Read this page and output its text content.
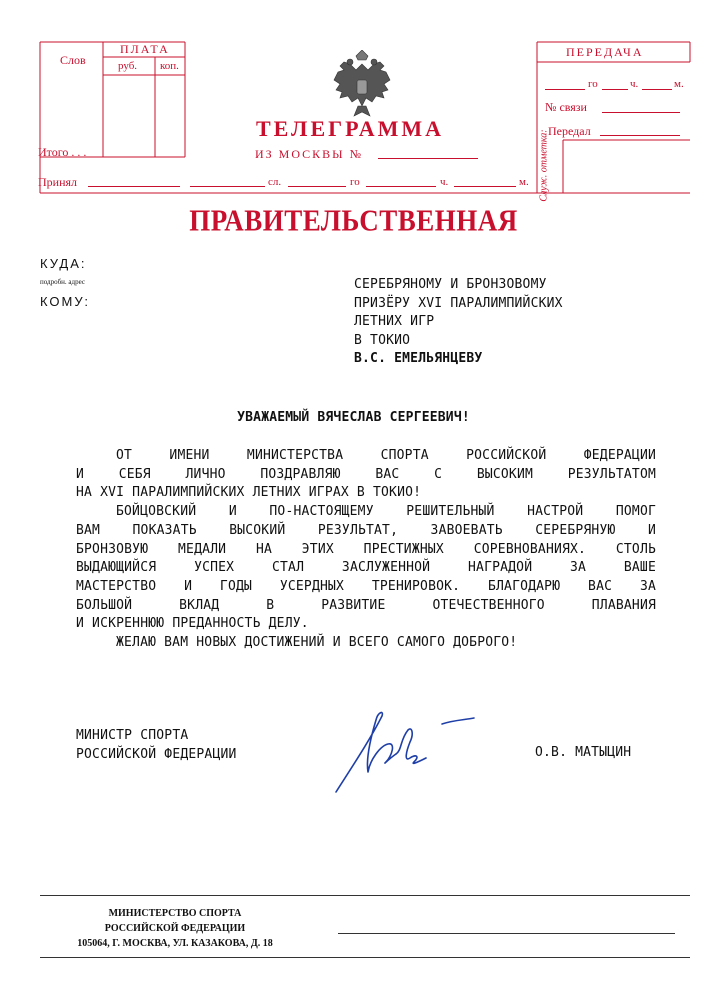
Слов
ПЛАТА
руб. коп.
Итого . . .
Принял
ТЕЛЕГРАММА
ИЗ МОСКВЫ №
сл.	го	ч.	м.
ПЕРЕДАЧА
го	ч.	м.
№ связи
Передал
Служ. отметка:
ПРАВИТЕЛЬСТВЕННАЯ
КУДА:
подробн. адрес
КОМУ:
СЕРЕБРЯНОМУ И БРОНЗОВОМУ
ПРИЗЁРУ XVI ПАРАЛИМПИЙСКИХ
ЛЕТНИХ ИГР
В ТОКИО
В.С. ЕМЕЛЬЯНЦЕВУ
УВАЖАЕМЫЙ ВЯЧЕСЛАВ СЕРГЕЕВИЧ!
ОТ ИМЕНИ МИНИСТЕРСТВА СПОРТА РОССИЙСКОЙ ФЕДЕРАЦИИ
И СЕБЯ ЛИЧНО ПОЗДРАВЛЯЮ ВАС С ВЫСОКИМ РЕЗУЛЬТАТОМ
НА XVI ПАРАЛИМПИЙСКИХ ЛЕТНИХ ИГРАХ В ТОКИО!
БОЙЦОВСКИЙ И ПО-НАСТОЯЩЕМУ РЕШИТЕЛЬНЫЙ НАСТРОЙ ПОМОГ
ВАМ ПОКАЗАТЬ ВЫСОКИЙ РЕЗУЛЬТАТ, ЗАВОЕВАТЬ СЕРЕБРЯНУЮ И
БРОНЗОВУЮ МЕДАЛИ НА ЭТИХ ПРЕСТИЖНЫХ СОРЕВНОВАНИЯХ. СТОЛЬ
ВЫДАЮЩИЙСЯ УСПЕХ СТАЛ ЗАСЛУЖЕННОЙ НАГРАДОЙ ЗА ВАШЕ
МАСТЕРСТВО И ГОДЫ УСЕРДНЫХ ТРЕНИРОВОК. БЛАГОДАРЮ ВАС ЗА
БОЛЬШОЙ ВКЛАД В РАЗВИТИЕ ОТЕЧЕСТВЕННОГО ПЛАВАНИЯ
И ИСКРЕННЮЮ ПРЕДАННОСТЬ ДЕЛУ.
ЖЕЛАЮ ВАМ НОВЫХ ДОСТИЖЕНИЙ И ВСЕГО САМОГО ДОБРОГО!
МИНИСТР СПОРТА
РОССИЙСКОЙ ФЕДЕРАЦИИ	О.В. МАТЫЦИН
МИНИСТЕРСТВО СПОРТА
РОССИЙСКОЙ ФЕДЕРАЦИИ
105064, Г. МОСКВА, УЛ. КАЗАКОВА, Д. 18
